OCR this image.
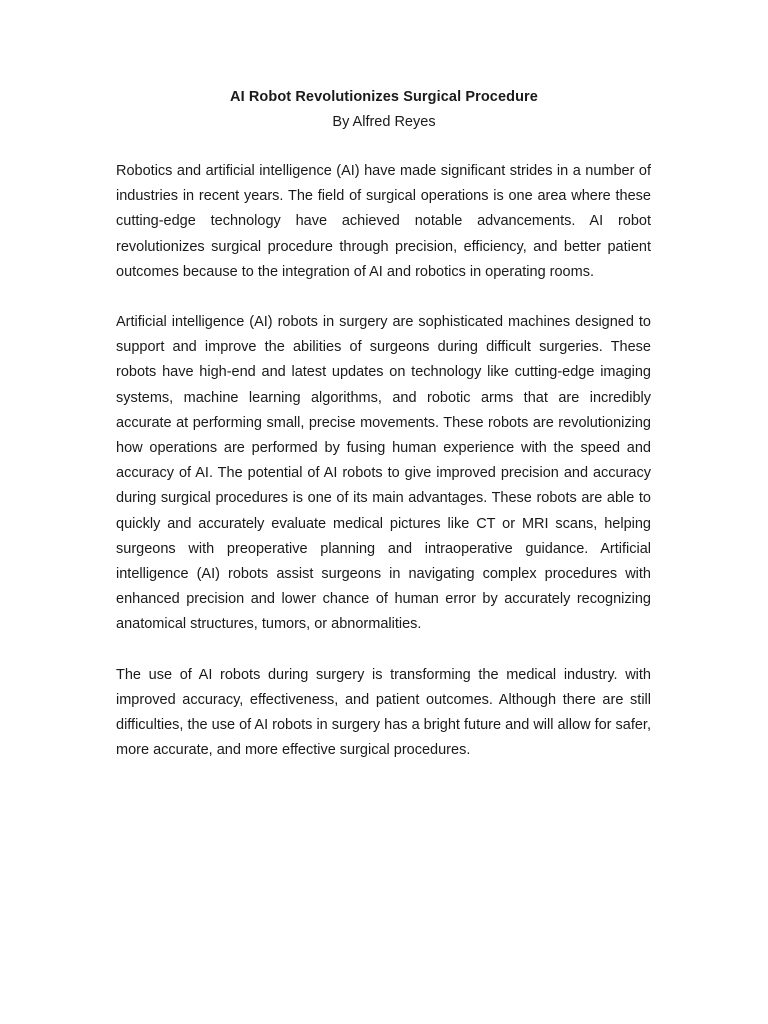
AI Robot Revolutionizes Surgical Procedure
By Alfred Reyes

Robotics and artificial intelligence (AI) have made significant strides in a number of industries in recent years. The field of surgical operations is one area where these cutting-edge technology have achieved notable advancements. AI robot revolutionizes surgical procedure through precision, efficiency, and better patient outcomes because to the integration of AI and robotics in operating rooms.

Artificial intelligence (AI) robots in surgery are sophisticated machines designed to support and improve the abilities of surgeons during difficult surgeries. These robots have high-end and latest updates on technology like cutting-edge imaging systems, machine learning algorithms, and robotic arms that are incredibly accurate at performing small, precise movements. These robots are revolutionizing how operations are performed by fusing human experience with the speed and accuracy of AI. The potential of AI robots to give improved precision and accuracy during surgical procedures is one of its main advantages. These robots are able to quickly and accurately evaluate medical pictures like CT or MRI scans, helping surgeons with preoperative planning and intraoperative guidance. Artificial intelligence (AI) robots assist surgeons in navigating complex procedures with enhanced precision and lower chance of human error by accurately recognizing anatomical structures, tumors, or abnormalities.

The use of AI robots during surgery is transforming the medical industry. with improved accuracy, effectiveness, and patient outcomes. Although there are still difficulties, the use of AI robots in surgery has a bright future and will allow for safer, more accurate, and more effective surgical procedures.
